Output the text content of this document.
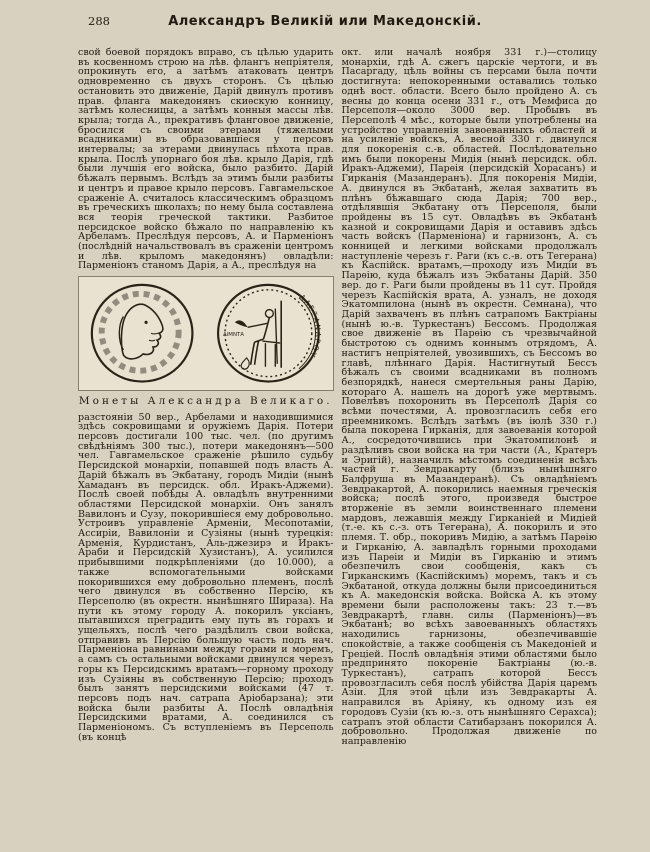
288	Александръ Великій или Македонскій.
свой боевой порядокъ вправо, съ цѣлью ударить въ косвенномъ строю на лѣв. флангъ непріятеля, опрокинуть его, а затѣмъ атаковать центръ одновременно съ двухъ сторонъ. Съ цѣлью остановить это движеніе, Дарій двинулъ противъ прав. фланга македонянъ скиѳскую конницу, затѣмъ колесницы, а затѣмъ конныя массы лѣв. крыла; тогда А., прекративъ фланговое движеніе, бросился съ своими этерами (тяжелыми всадниками) въ образовавшіеся у персовъ интервалы; за этерами двинулась пѣхота прав. крыла. Послѣ упорнаго боя лѣв. крыло Дарія, гдѣ были лучшія его войска, было разбито. Дарій бѣжалъ первымъ. Вслѣдъ за этимъ были разбиты и центръ и правое крыло персовъ. Гавгамельское сраженіе А. считалось классическимъ образцомъ въ греческихъ школахъ; по нему была составлена вся теорія греческой тактики. Разбитое персидское войско бѣжало по направленію къ Арбеламъ. Преслѣдуя персовъ, А. и Парменіонъ (послѣдній начальствовалъ въ сраженіи центромъ и лѣв. крыломъ македонянъ) овладѣли: Парменіонъ станомъ Дарія, а А., преслѣдуя на
ΑΛΕΞΑΝΔΡΟΥ
ΛΙΜΝΤΑ
Монеты Александра Великаго.
разстояніи 50 вер., Арбелами и находившимися здѣсь сокровищами и оружіемъ Дарія. Потери персовъ достигали 100 тыс. чел. (по другимъ свѣдѣніямъ 300 тыс.), потери македонянъ—500 чел. Гавгамельское сраженіе рѣшило судьбу Персидской монархіи, попавшей подъ власть А. Дарій бѣжалъ въ Экбатану, городъ Мидіи (нынѣ Хамаданъ въ персидск. обл. Иракъ-Аджеми). Послѣ своей побѣды А. овладѣлъ внутренними областями Персидской монархіи. Онъ занялъ Вавилонъ и Сузу, покорившіеся ему добровольно. Устроивъ управленіе Арменіи, Месопотаміи, Ассиріи, Вавилоніи и Сузіяны (нынѣ турецкія: Арменія, Курдистанъ, Аль-джезирэ и Иракъ-Араби и Персидскій Хузистанъ), А. усилился прибывшими подкрѣпленіями (до 10.000), а также вспомогательными войсками покорившихся ему добровольно племенъ, послѣ чего двинулся въ собственно Персію, къ Персеполю (въ окрестн. нынѣшняго Шираза). На пути къ этому городу А. покорилъ уксіанъ, пытавшихся преградить ему путь въ горахъ и ущельяхъ, послѣ чего раздѣлилъ свои войска, отправивъ въ Персію большую часть подъ нач. Парменіона равнинами между горами и моремъ, а самъ съ остальными войсками двинулся черезъ горы къ Персидскимъ вратамъ—горному проходу изъ Сузіяны въ собственную Персію; проходъ былъ занятъ персидскими войсками (47 т. персовъ подъ нач. сатрапа Аріобарзана); эти войска были разбиты А. Послѣ овладѣнія Персидскими вратами, А. соединился съ Парменіономъ. Съ вступленіемъ въ Персеполь (въ концѣ
окт. или началѣ ноября 331 г.)—столицу монархіи, гдѣ А. сжегъ царскіе чертоги, и въ Пасаргаду, цѣль войны съ персами была почти достигнута: непокоренными оставались только однѣ вост. области. Всего было пройдено А. съ весны до конца осени 331 г., отъ Мемфиса до Персеполя—около 3000 вер. Пробывъ въ Персеполѣ 4 мѣс., которые были употреблены на устройство управленія завоеванныхъ областей и на усиленіе войскъ, А. весной 330 г. двинулся для покоренія с.-в. областей. Послѣдовательно имъ были покорены Мидія (нынѣ персидск. обл. Иракъ-Аджеми), Парѳія (персидскій Хорасанъ) и Гирканія (Мазандеранъ). Для покоренія Мидіи, А. двинулся въ Экбатанѣ, желая захватить въ плѣнъ бѣжавшаго сюда Дарія; 700 вер., отдѣлявшія Экбатану отъ Персеполя, были пройдены въ 15 сут. Овладѣвъ въ Экбатанѣ казной и сокровищами Дарія и оставивъ здѣсь часть войскъ (Парменіона) и гарнизонъ, А. съ конницей и легкими войсками продолжалъ наступленіе черезъ г. Раги (къ с.-в. отъ Тегерана) къ Каспійск. вратамъ,—проходу изъ Мидіи въ Парѳію, куда бѣжалъ изъ Экбатаны Дарій. 350 вер. до г. Раги были пройдены въ 11 сут. Пройдя черезъ Каспійскія врата, А. узналъ, не доходя Экатомпилона (нынѣ въ окрестн. Семнана), что Дарій захваченъ въ плѣнъ сатрапомъ Бактріаны (нынѣ ю.-в. Туркестанъ) Бессомъ. Продолжая свое движеніе въ Парѳію съ чрезвычайной быстротою съ однимъ коннымъ отрядомъ, А. настигъ непріятелей, увозившихъ, съ Бессомъ во главѣ, плѣннаго Дарія. Настигнутый Бессъ бѣжалъ съ своими всадниками въ полномъ безпорядкѣ, нанеся смертельныя раны Дарію, котораго А. нашелъ на дорогѣ уже мертвымъ. Повелѣвъ похоронить въ Персеполѣ Дарія со всѣми почестями, А. провозгласилъ себя его преемникомъ. Вслѣдъ затѣмъ (въ іюлѣ 330 г.) была покорена Гирканія, для завоеванія которой А., сосредоточившись при Экатомпилонѣ и раздѣливъ свои войска на три части (А., Кратеръ и Эригій), назначилъ мѣстомъ соединенія всѣхъ частей г. Зевдракарту (близъ нынѣшняго Балфруша въ Мазандеранѣ). Съ овладѣніемъ Зевдракартой, А. покорились наемныя греческія войска; послѣ этого, произведя быстрое вторженіе въ земли воинственнаго племени мардовъ, лежавшія между Гирканіей и Мидіей (т.-е. къ с.-з. отъ Тегерана), А. покорилъ и это племя. Т. обр., покоривъ Мидію, а затѣмъ Парѳію и Гирканію, А. завладѣлъ горными проходами изъ Парѳіи и Мидіи въ Гирканію и этимъ обезпечилъ свои сообщенія, какъ съ Гирканскимъ (Каспійскимъ) моремъ, такъ и съ Экбатаной, откуда должны были присоединиться къ А. македонскія войска. Войска А. къ этому времени были расположены такъ: 23 т.—въ Зевдракартѣ, главн. силы (Парменіонъ)—въ Экбатанѣ; во всѣхъ завоеванныхъ областяхъ находились гарнизоны, обезпечивавшіе спокойствіе, а также сообщенія съ Македоніей и Греціей. Послѣ овладѣнія этими областями было предпринято покореніе Бактріаны (ю.-в. Туркестанъ), сатрапъ которой Бессъ провозгласилъ себя послѣ убійства Дарія царемъ Азіи. Для этой цѣли изъ Зевдракарты А. направился въ Аріяну, къ одному изъ ея городовъ Сузіи (къ ю.-з. отъ нынѣшняго Серахса); сатрапъ этой области Сатибарзанъ покорился А. добровольно. Продолжая движеніе по направленію
